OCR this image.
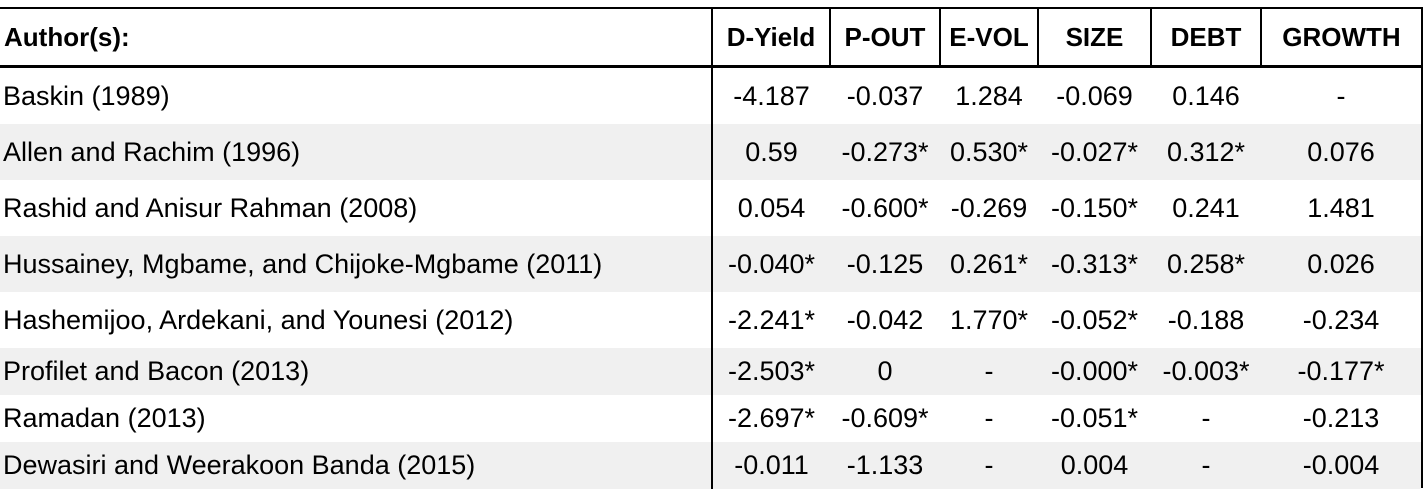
Author(s):	D-Yield	P-OUT	E-VOL	SIZE	DEBT	GROWTH
Baskin (1989)	-4.187	-0.037	1.284	-0.069	0.146	-
Allen and Rachim (1996)	0.59	-0.273*	0.530*	-0.027*	0.312*	0.076
Rashid and Anisur Rahman (2008)	0.054	-0.600*	-0.269	-0.150*	0.241	1.481
Hussainey, Mgbame, and Chijoke-Mgbame (2011)	-0.040*	-0.125	0.261*	-0.313*	0.258*	0.026
Hashemijoo, Ardekani, and Younesi (2012)	-2.241*	-0.042	1.770*	-0.052*	-0.188	-0.234
Profilet and Bacon (2013)	-2.503*	0	-	-0.000*	-0.003*	-0.177*
Ramadan (2013)	-2.697*	-0.609*	-	-0.051*	-	-0.213
Dewasiri and Weerakoon Banda (2015)	-0.011	-1.133	-	0.004	-	-0.004
